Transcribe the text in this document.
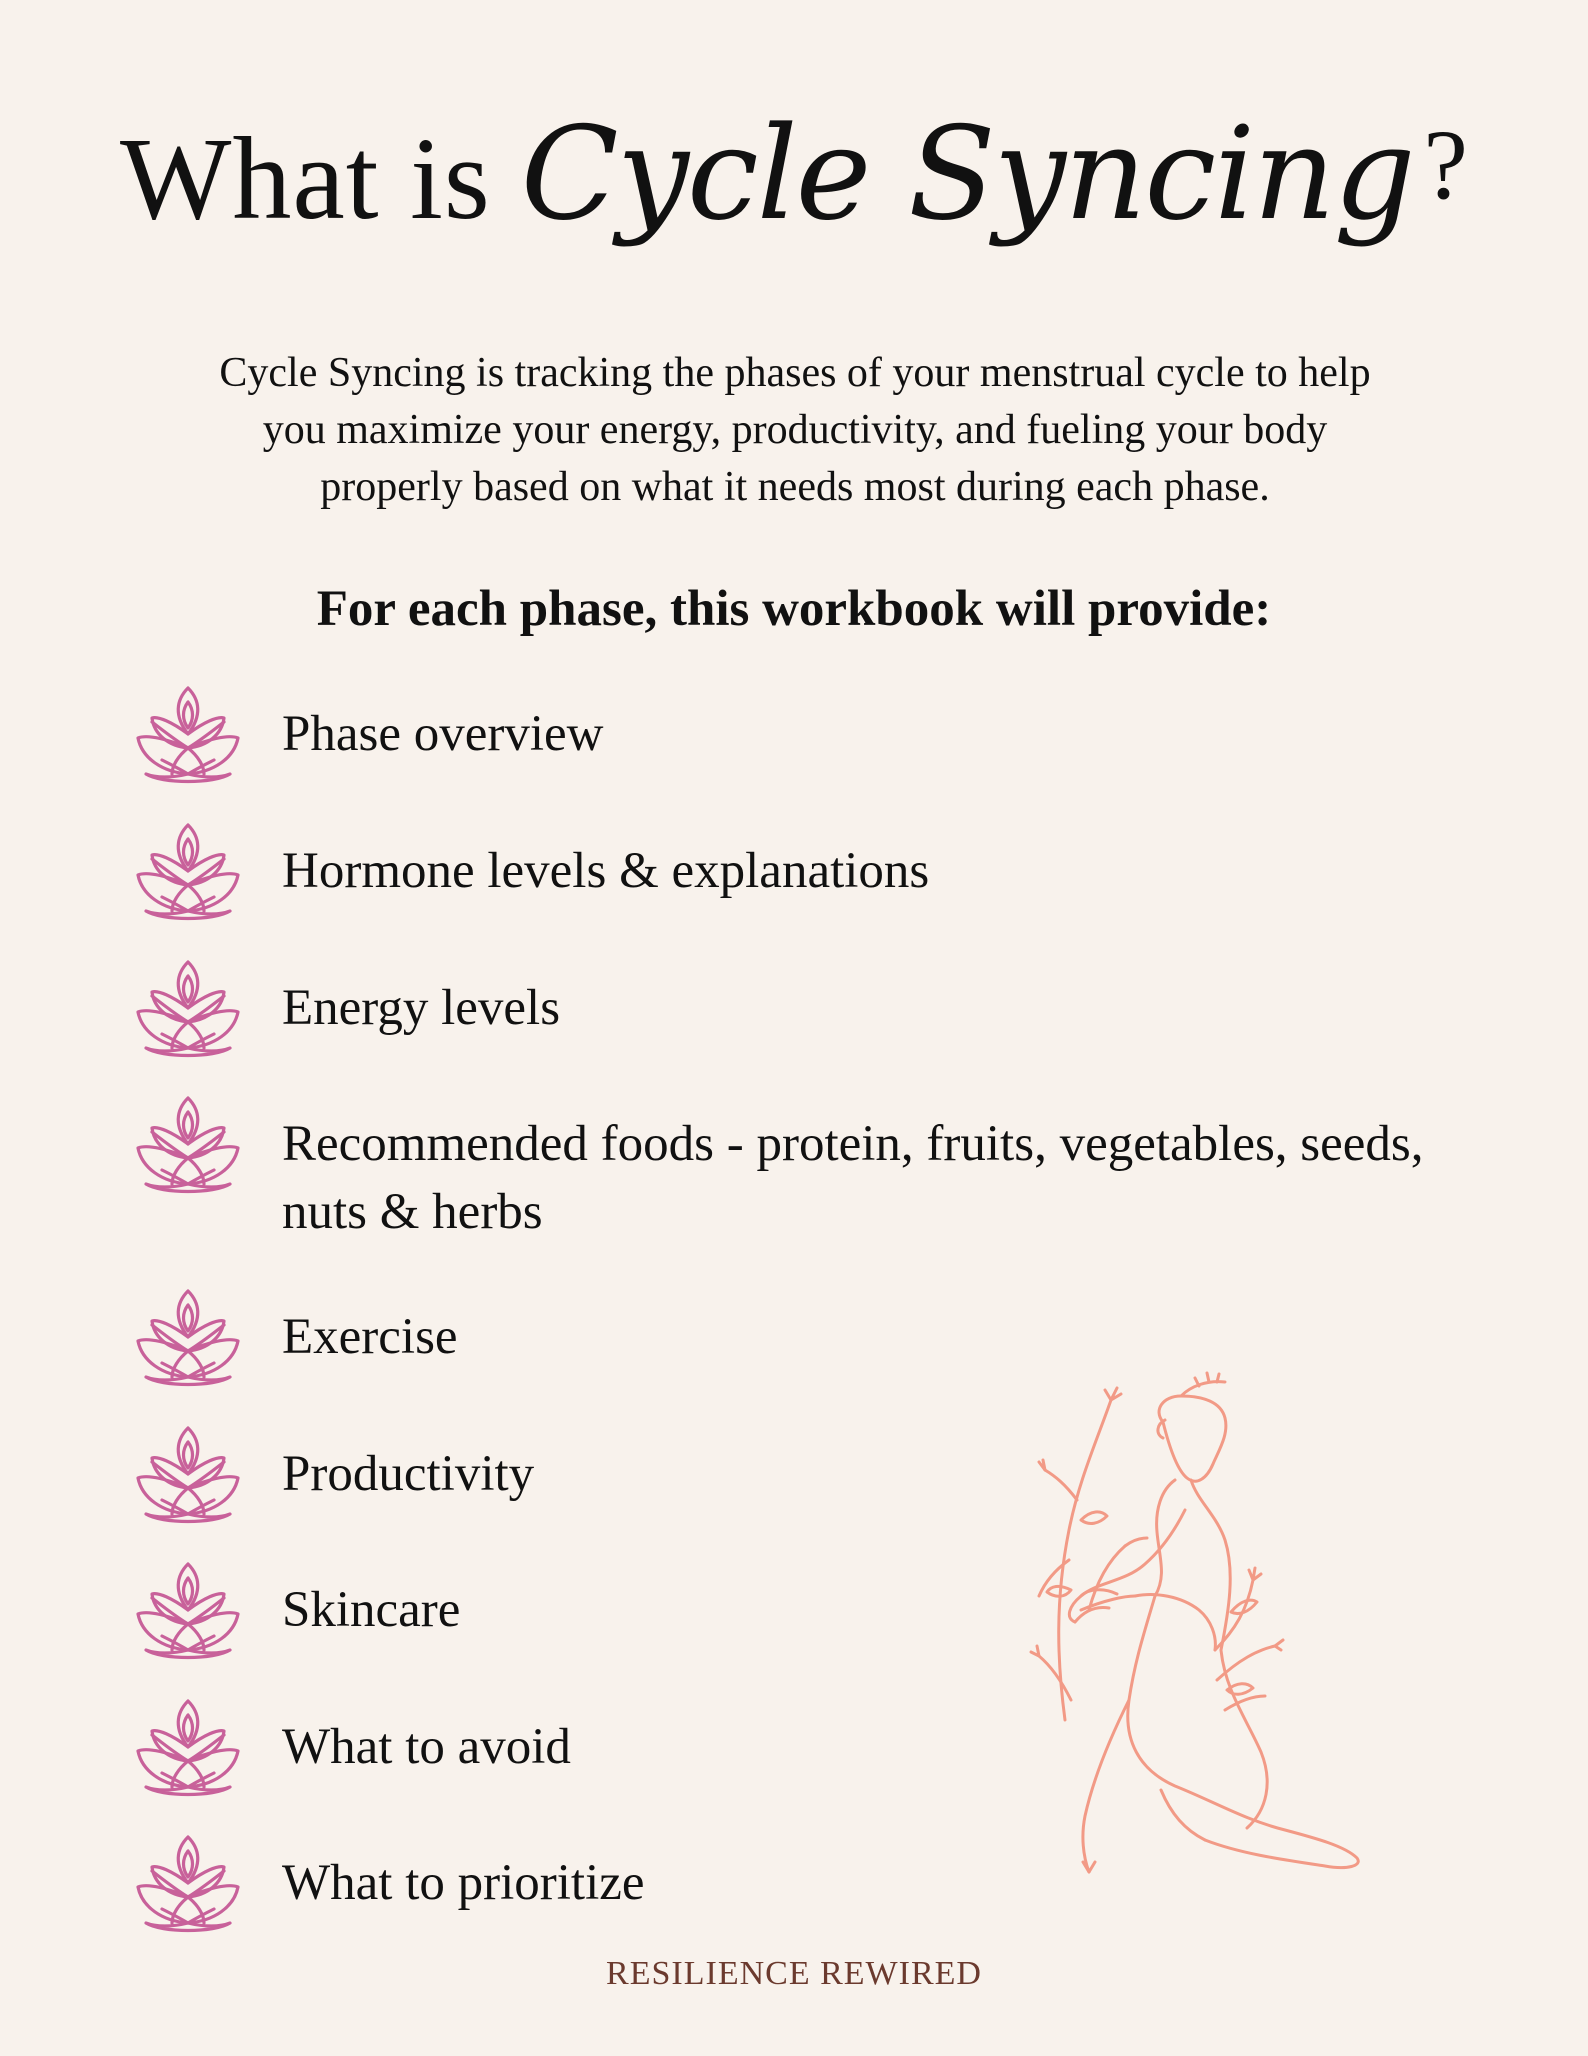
What is Cycle Syncing ?
Cycle Syncing is tracking the phases of your menstrual cycle to help you maximize your energy, productivity, and fueling your body properly based on what it needs most during each phase.
For each phase, this workbook will provide:
Phase overview
Hormone levels & explanations
Energy levels
Recommended foods - protein, fruits, vegetables, seeds, nuts & herbs
Exercise
Productivity
Skincare
What to avoid
What to prioritize
RESILIENCE REWIRED
